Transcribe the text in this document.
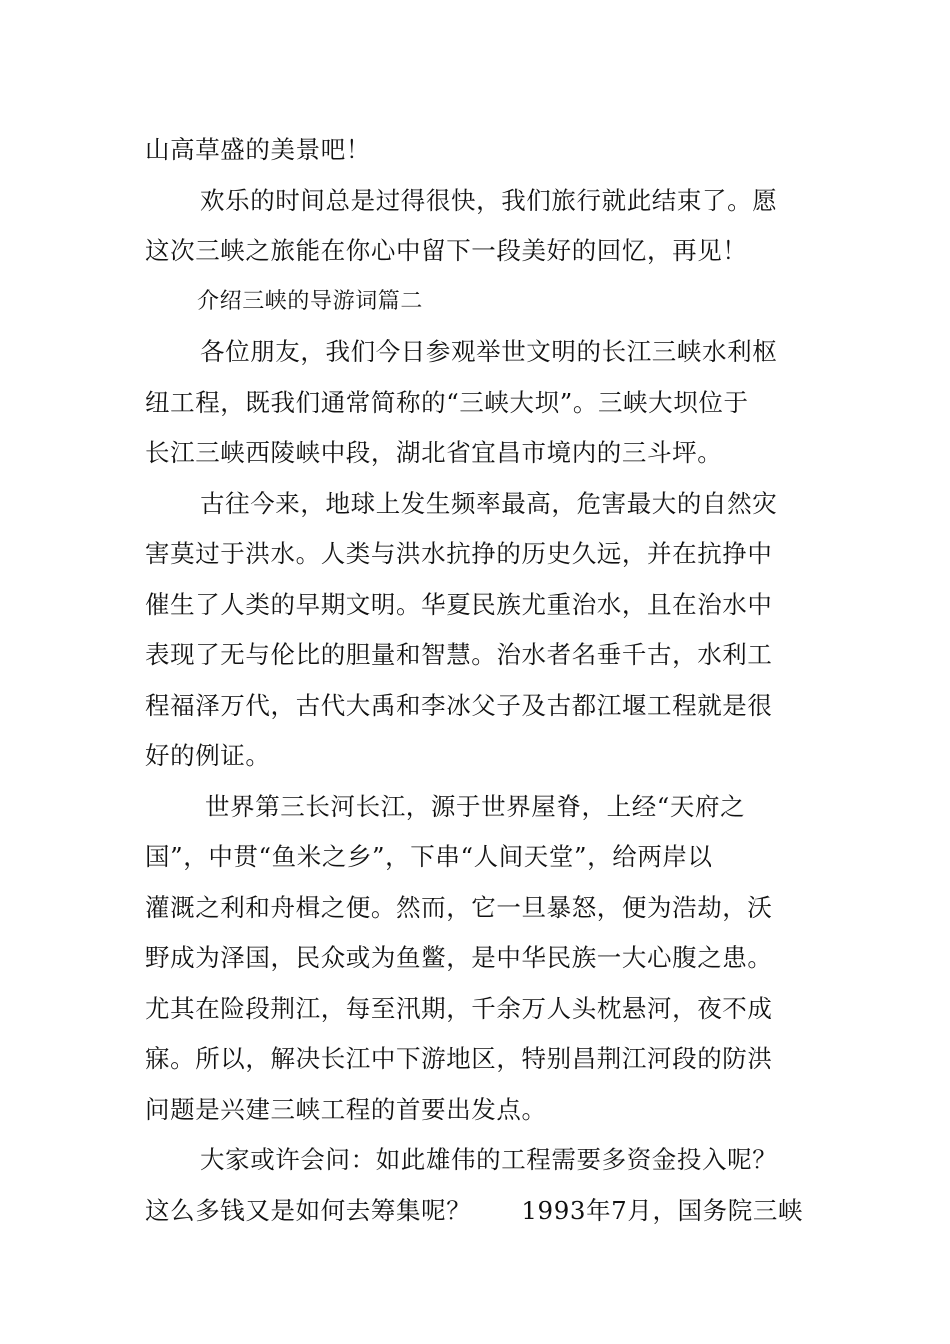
山高草盛的美景吧！
欢乐的时间总是过得很快，我们旅行就此结束了。愿
这次三峡之旅能在你心中留下一段美好的回忆，再见！
介绍三峡的导游词篇二
各位朋友，我们今日参观举世文明的长江三峡水利枢
纽工程，既我们通常简称的“三峡大坝”。三峡大坝位于
长江三峡西陵峡中段，湖北省宜昌市境内的三斗坪。
古往今来，地球上发生频率最高，危害最大的自然灾
害莫过于洪水。人类与洪水抗挣的历史久远，并在抗挣中
催生了人类的早期文明。华夏民族尤重治水，且在治水中
表现了无与伦比的胆量和智慧。治水者名垂千古，水利工
程福泽万代，古代大禹和李冰父子及古都江堰工程就是很
好的例证。
世界第三长河长江，源于世界屋脊，上经“天府之
国”，中贯“鱼米之乡”，下串“人间天堂”，给两岸以
灌溉之利和舟楫之便。然而，它一旦暴怒，便为浩劫，沃
野成为泽国，民众或为鱼鳖，是中华民族一大心腹之患。
尤其在险段荆江，每至汛期，千余万人头枕悬河，夜不成
寐。所以，解决长江中下游地区，特别昌荆江河段的防洪
问题是兴建三峡工程的首要出发点。
大家或许会问：如此雄伟的工程需要多资金投入呢？
这么多钱又是如何去筹集呢？ 1993年7月，国务院三峡
